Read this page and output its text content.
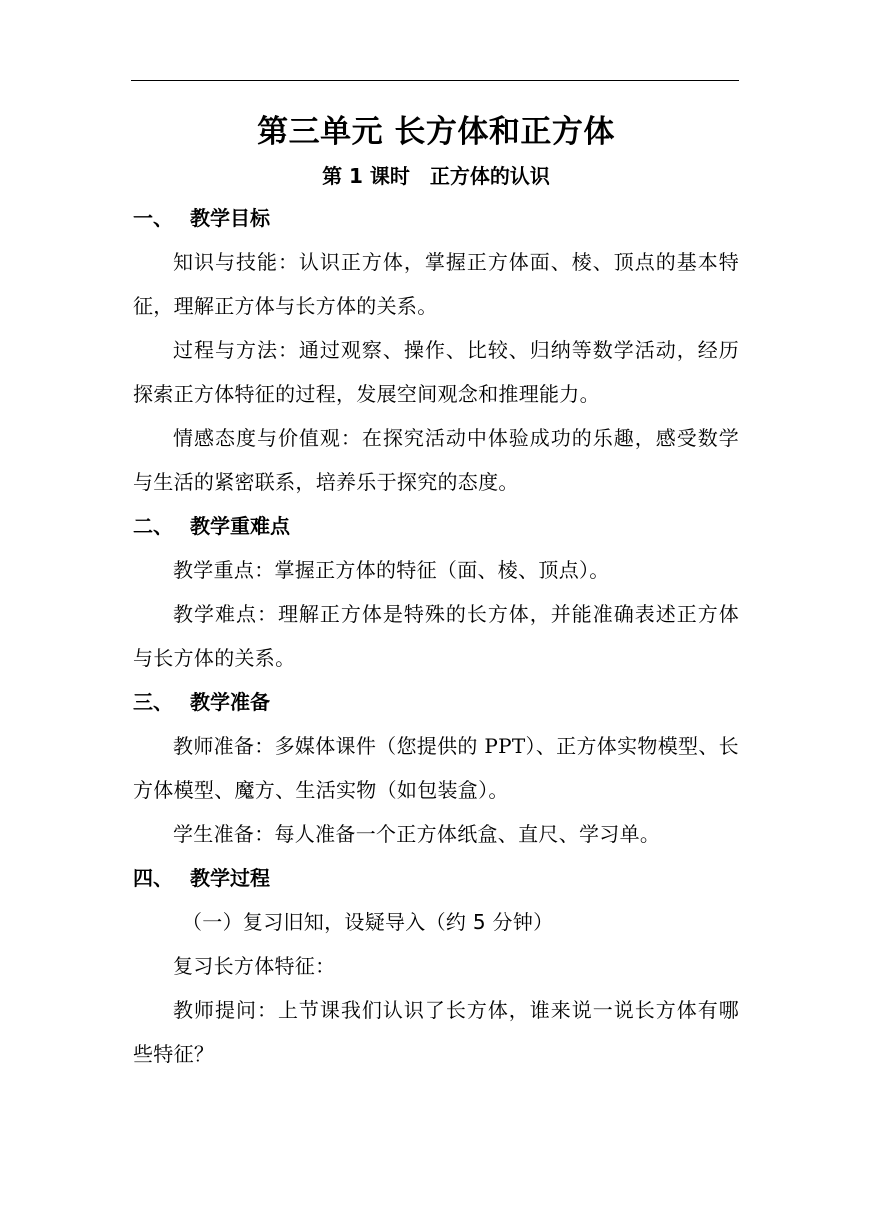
第三单元 长方体和正方体
第 1 课时　正方体的认识
一、 教学目标

知识与技能：认识正方体，掌握正方体面、棱、顶点的基本特征，理解正方体与长方体的关系。

过程与方法：通过观察、操作、比较、归纳等数学活动，经历探索正方体特征的过程，发展空间观念和推理能力。

情感态度与价值观：在探究活动中体验成功的乐趣，感受数学与生活的紧密联系，培养乐于探究的态度。

二、 教学重难点

教学重点：掌握正方体的特征（面、棱、顶点）。

教学难点：理解正方体是特殊的长方体，并能准确表述正方体与长方体的关系。

三、 教学准备

教师准备：多媒体课件（您提供的 PPT）、正方体实物模型、长方体模型、魔方、生活实物（如包装盒）。

学生准备：每人准备一个正方体纸盒、直尺、学习单。

四、 教学过程

（一）复习旧知，设疑导入（约 5 分钟）

复习长方体特征：

教师提问：上节课我们认识了长方体，谁来说一说长方体有哪些特征？
